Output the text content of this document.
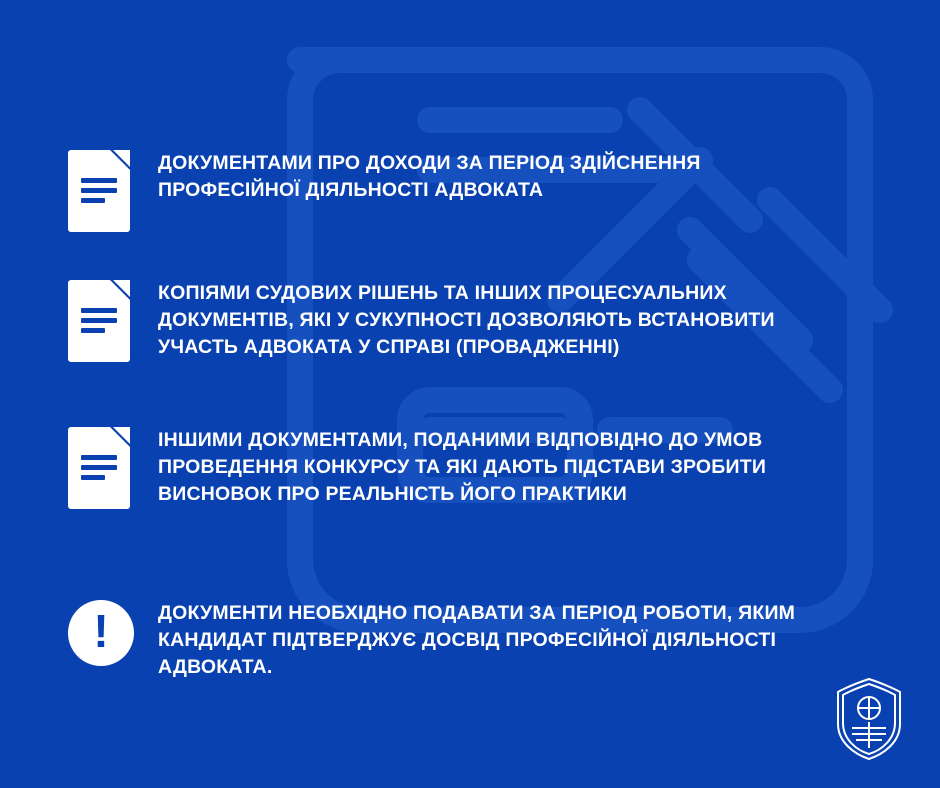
ДОКУМЕНТАМИ ПРО ДОХОДИ ЗА ПЕРІОД ЗДІЙСНЕННЯ ПРОФЕСІЙНОЇ ДІЯЛЬНОСТІ АДВОКАТА
КОПІЯМИ СУДОВИХ РІШЕНЬ ТА ІНШИХ ПРОЦЕСУАЛЬНИХ ДОКУМЕНТІВ, ЯКІ У СУКУПНОСТІ ДОЗВОЛЯЮТЬ ВСТАНОВИТИ УЧАСТЬ АДВОКАТА У СПРАВІ (ПРОВАДЖЕННІ)
ІНШИМИ ДОКУМЕНТАМИ, ПОДАНИМИ ВІДПОВІДНО ДО УМОВ ПРОВЕДЕННЯ КОНКУРСУ ТА ЯКІ ДАЮТЬ ПІДСТАВИ ЗРОБИТИ ВИСНОВОК ПРО РЕАЛЬНІСТЬ ЙОГО ПРАКТИКИ
!	ДОКУМЕНТИ НЕОБХІДНО ПОДАВАТИ ЗА ПЕРІОД РОБОТИ, ЯКИМ КАНДИДАТ ПІДТВЕРДЖУЄ ДОСВІД ПРОФЕСІЙНОЇ ДІЯЛЬНОСТІ АДВОКАТА.
